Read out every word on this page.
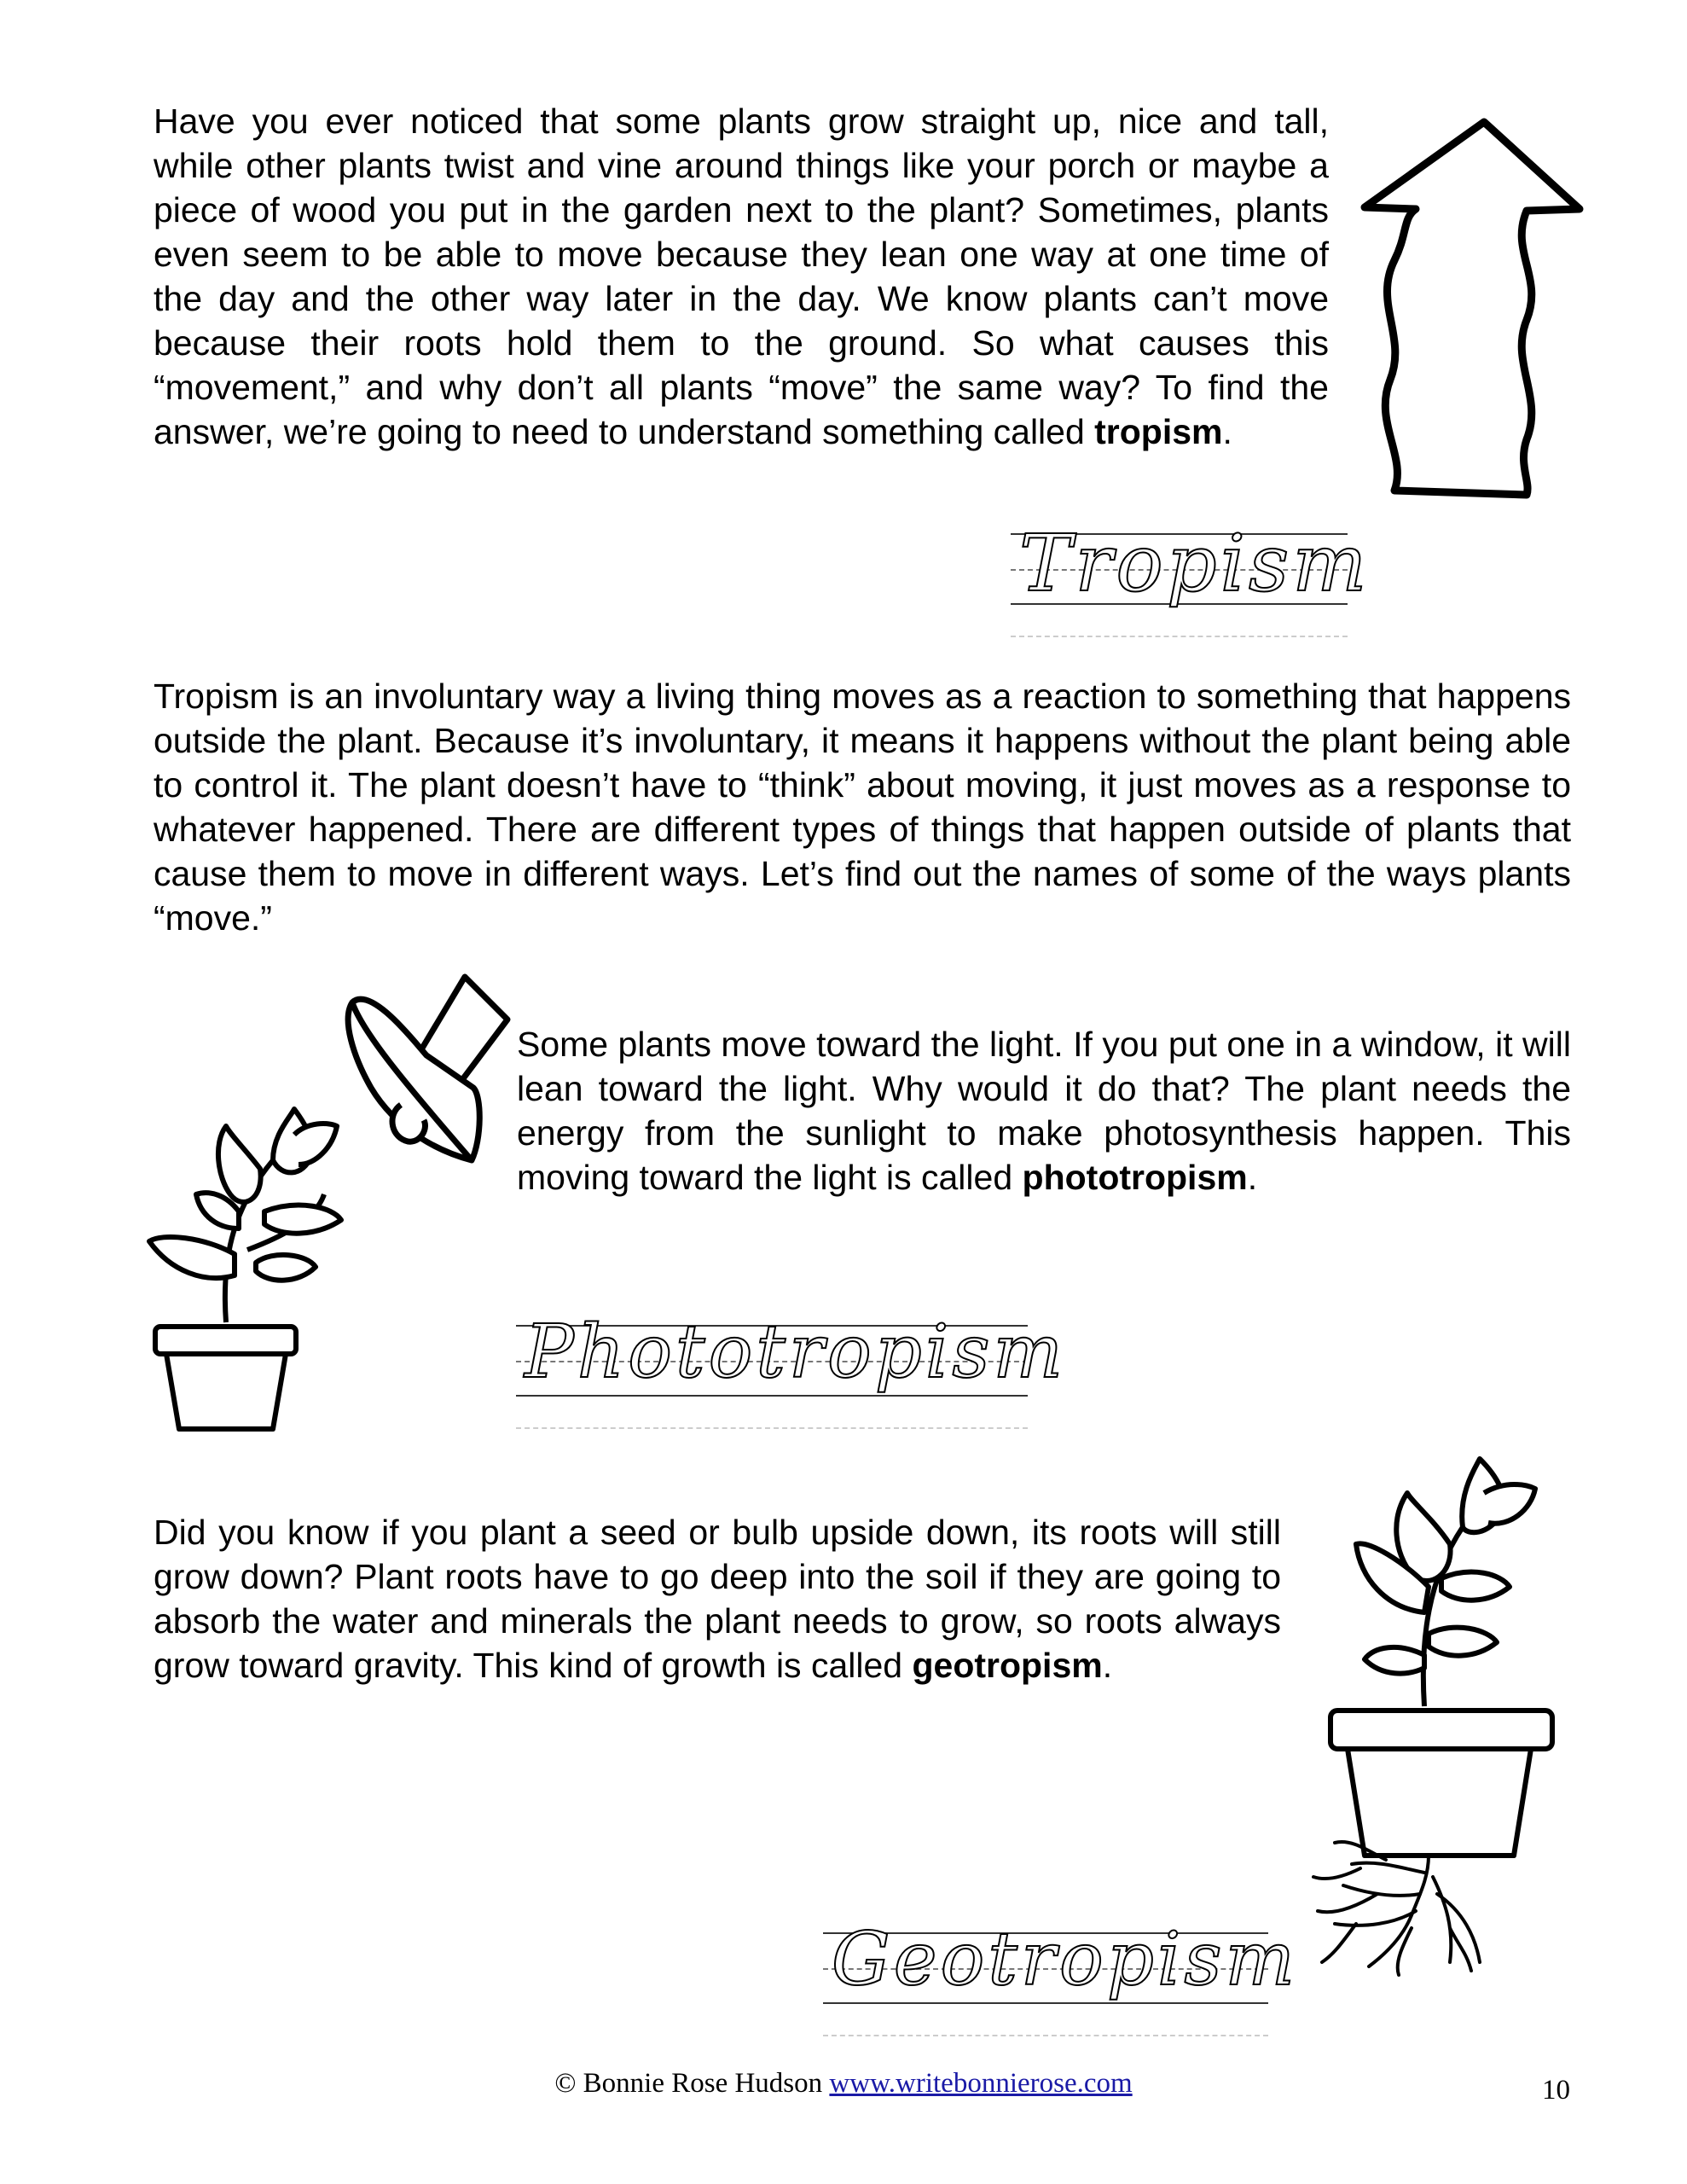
Have you ever noticed that some plants grow straight up, nice and tall, while other plants twist and vine around things like your porch or maybe a piece of wood you put in the garden next to the plant? Sometimes, plants even seem to be able to move because they lean one way at one time of the day and the other way later in the day. We know plants can’t move because their roots hold them to the ground. So what causes this “movement,” and why don’t all plants “move” the same way? To find the answer, we’re going to need to understand something called tropism.
Tropism
Tropism is an involuntary way a living thing moves as a reaction to something that happens outside the plant. Because it’s involuntary, it means it happens without the plant being able to control it. The plant doesn’t have to “think” about moving, it just moves as a response to whatever happened. There are different types of things that happen outside of plants that cause them to move in different ways. Let’s find out the names of some of the ways plants “move.”
Some plants move toward the light. If you put one in a window, it will lean toward the light. Why would it do that? The plant needs the energy from the sunlight to make photosynthesis happen. This moving toward the light is called phototropism.
Phototropism
Did you know if you plant a seed or bulb upside down, its roots will still grow down? Plant roots have to go deep into the soil if they are going to absorb the water and minerals the plant needs to grow, so roots always grow toward gravity. This kind of growth is called geotropism.
Geotropism
© Bonnie Rose Hudson www.writebonnierose.com	10
